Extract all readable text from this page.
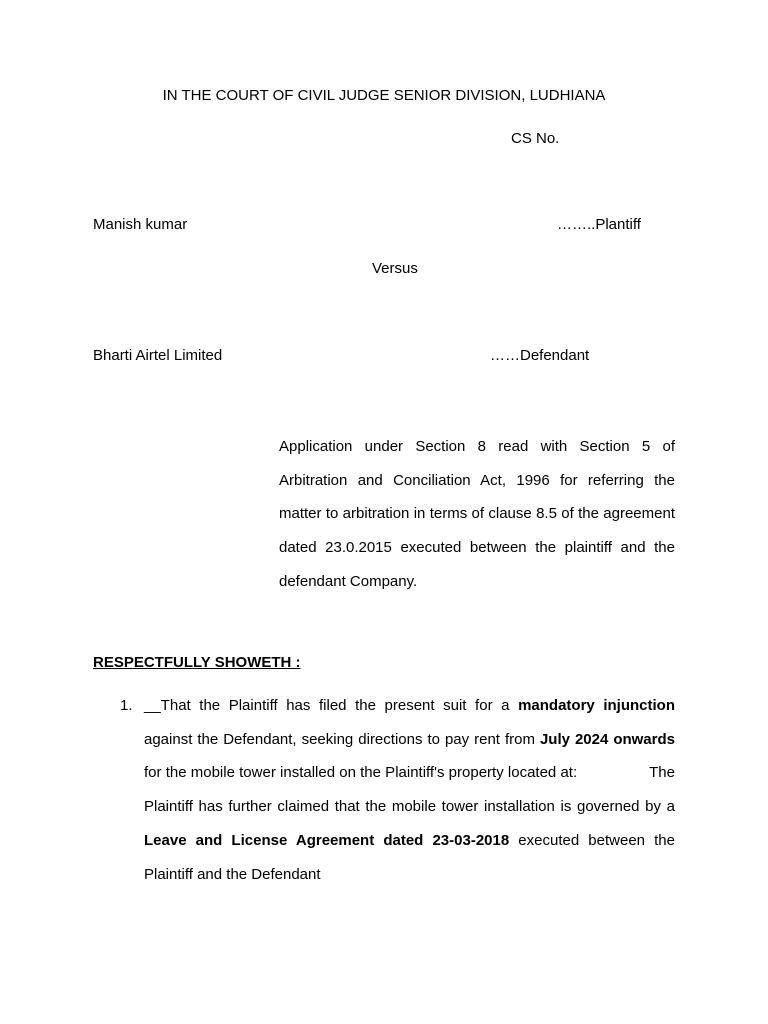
IN THE COURT OF CIVIL JUDGE SENIOR DIVISION, LUDHIANA
CS No.
Manish kumar	……..Plantiff
Versus
Bharti Airtel Limited	……Defendant
Application under Section 8 read with Section 5 of Arbitration and Conciliation Act, 1996 for referring the matter to arbitration in terms of clause 8.5 of the agreement dated 23.0.2015 executed between the plaintiff and the defendant Company.
RESPECTFULLY SHOWETH :
1. __That the Plaintiff has filed the present suit for a mandatory injunction against the Defendant, seeking directions to pay rent from July 2024 onwards for the mobile tower installed on the Plaintiff's property located at:	The Plaintiff has further claimed that the mobile tower installation is governed by a Leave and License Agreement dated 23-03-2018 executed between the Plaintiff and the Defendant
